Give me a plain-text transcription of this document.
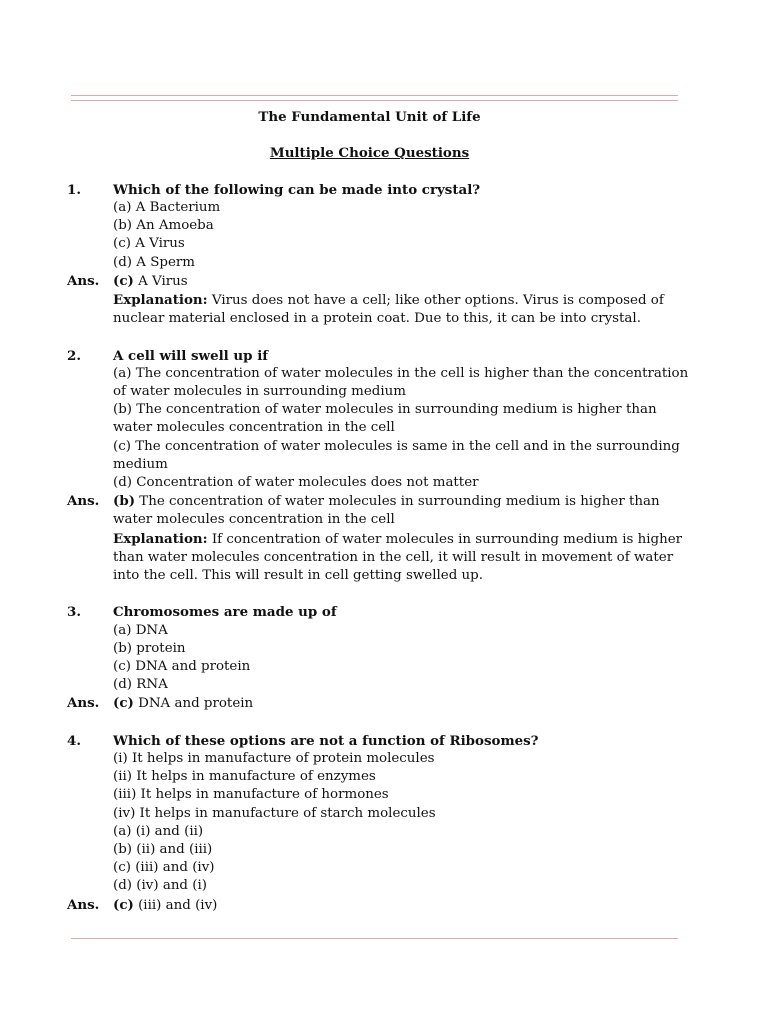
The Fundamental Unit of Life
Multiple Choice Questions
1.	Which of the following can be made into crystal?
(a) A Bacterium
(b) An Amoeba
(c) A Virus
(d) A Sperm
Ans.	(c) A Virus
Explanation: Virus does not have a cell; like other options. Virus is composed of nuclear material enclosed in a protein coat. Due to this, it can be into crystal.
2.	A cell will swell up if
(a) The concentration of water molecules in the cell is higher than the concentration of water molecules in surrounding medium
(b) The concentration of water molecules in surrounding medium is higher than water molecules concentration in the cell
(c) The concentration of water molecules is same in the cell and in the surrounding medium
(d) Concentration of water molecules does not matter
Ans.	(b) The concentration of water molecules in surrounding medium is higher than water molecules concentration in the cell
Explanation: If concentration of water molecules in surrounding medium is higher than water molecules concentration in the cell, it will result in movement of water into the cell. This will result in cell getting swelled up.
3.	Chromosomes are made up of
(a) DNA
(b) protein
(c) DNA and protein
(d) RNA
Ans.	(c) DNA and protein
4.	Which of these options are not a function of Ribosomes?
(i) It helps in manufacture of protein molecules
(ii) It helps in manufacture of enzymes
(iii) It helps in manufacture of hormones
(iv) It helps in manufacture of starch molecules
(a) (i) and (ii)
(b) (ii) and (iii)
(c) (iii) and (iv)
(d) (iv) and (i)
Ans.	(c) (iii) and (iv)
